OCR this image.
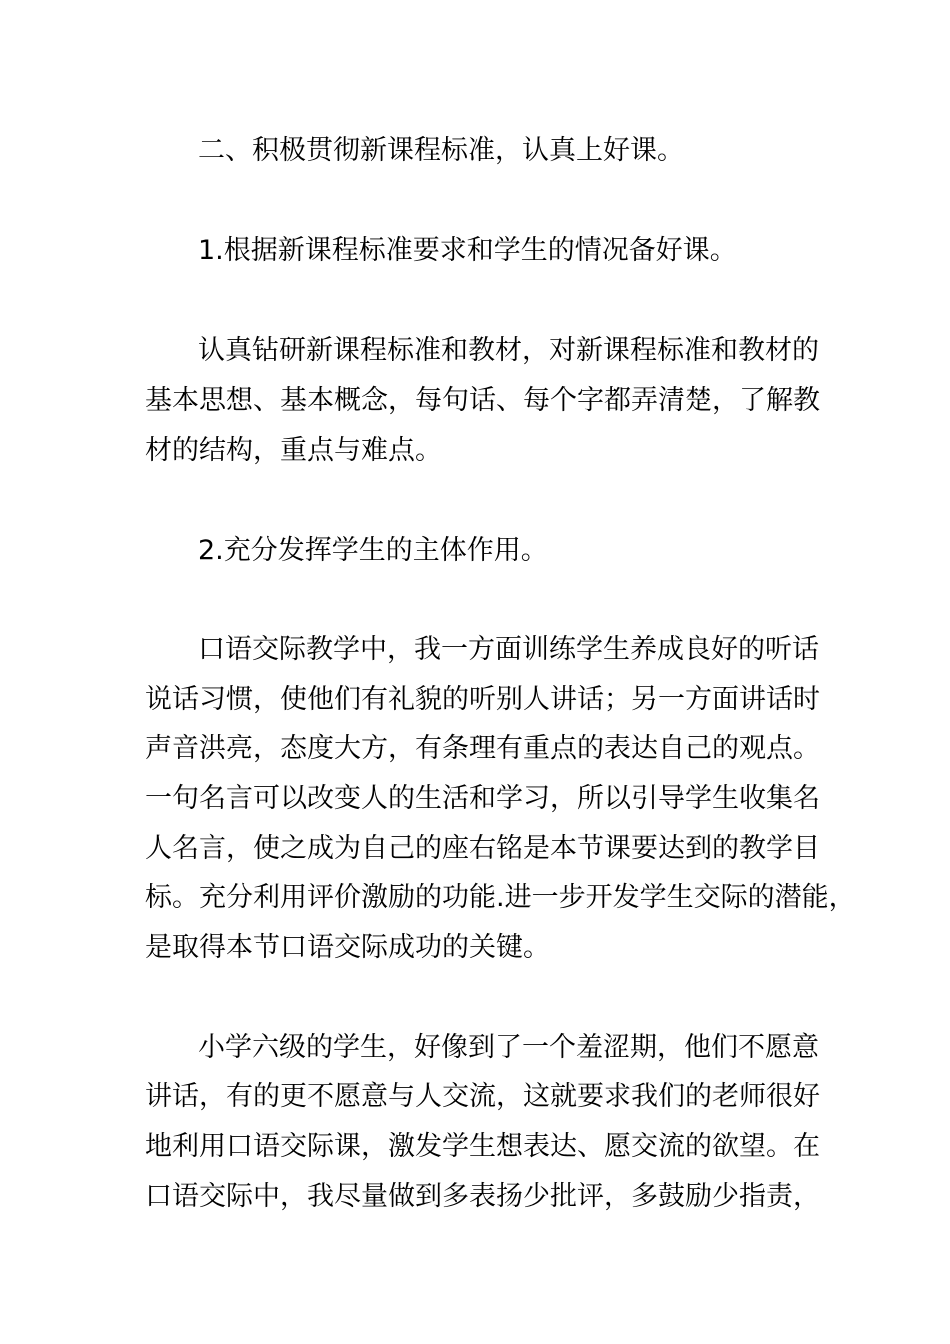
二、积极贯彻新课程标准，认真上好课。
1.根据新课程标准要求和学生的情况备好课。
认真钻研新课程标准和教材，对新课程标准和教材的
基本思想、基本概念，每句话、每个字都弄清楚，了解教
材的结构，重点与难点。
2.充分发挥学生的主体作用。
口语交际教学中，我一方面训练学生养成良好的听话
说话习惯，使他们有礼貌的听别人讲话；另一方面讲话时
声音洪亮，态度大方，有条理有重点的表达自己的观点。
一句名言可以改变人的生活和学习，所以引导学生收集名
人名言，使之成为自己的座右铭是本节课要达到的教学目
标。充分利用评价激励的功能.进一步开发学生交际的潜能，
是取得本节口语交际成功的关键。
小学六级的学生，好像到了一个羞涩期，他们不愿意
讲话，有的更不愿意与人交流，这就要求我们的老师很好
地利用口语交际课，激发学生想表达、愿交流的欲望。在
口语交际中，我尽量做到多表扬少批评，多鼓励少指责，
